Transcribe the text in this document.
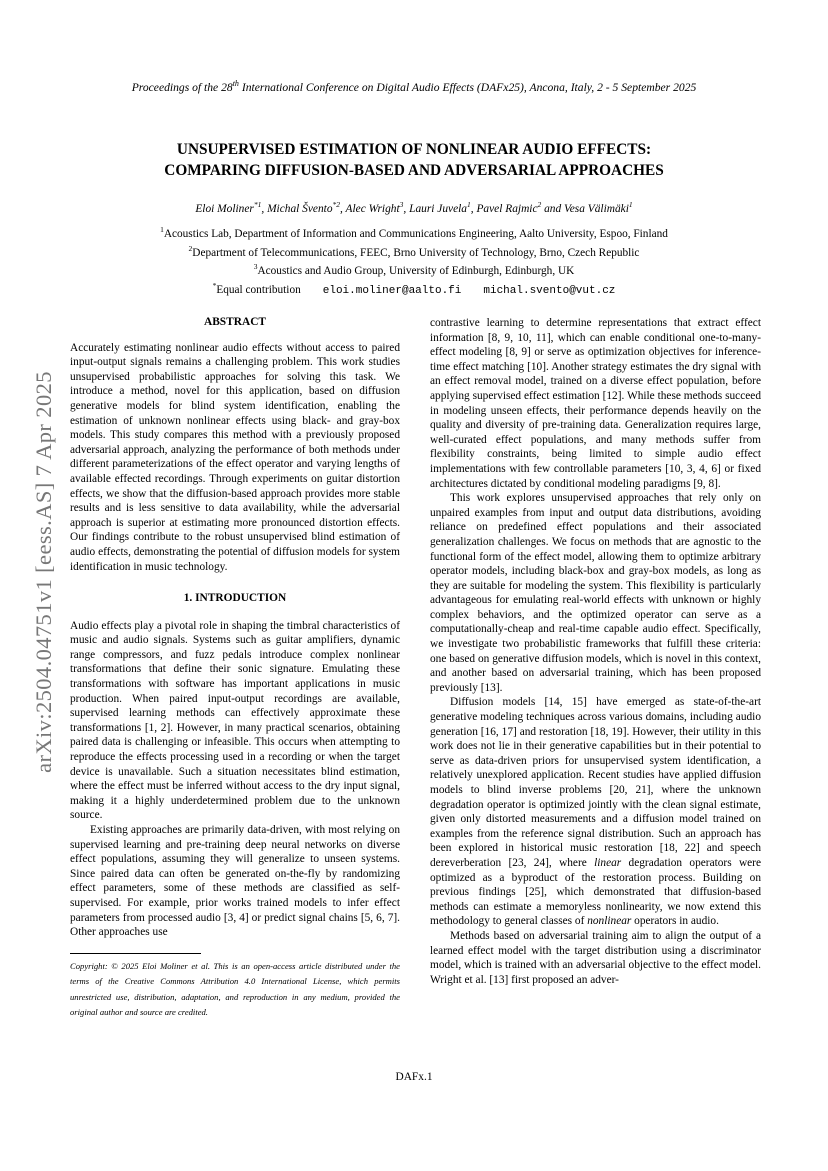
Proceedings of the 28th International Conference on Digital Audio Effects (DAFx25), Ancona, Italy, 2 - 5 September 2025
arXiv:2504.04751v1 [eess.AS] 7 Apr 2025
UNSUPERVISED ESTIMATION OF NONLINEAR AUDIO EFFECTS:
COMPARING DIFFUSION-BASED AND ADVERSARIAL APPROACHES
Eloi Moliner$^{*1}$, Michal Švento$^{*2}$, Alec Wright$^3$, Lauri Juvela$^1$, Pavel Rajmic$^2$ and Vesa Välimäki$^1$
$^1$Acoustics Lab, Department of Information and Communications Engineering, Aalto University, Espoo, Finland
$^2$Department of Telecommunications, FEEC, Brno University of Technology, Brno, Czech Republic
$^3$Acoustics and Audio Group, University of Edinburgh, Edinburgh, UK
*Equal contribution eloi.moliner@aalto.fi michal.svento@vut.cz
ABSTRACT

Accurately estimating nonlinear audio effects without access to paired input-output signals remains a challenging problem. This work studies unsupervised probabilistic approaches for solving this task. We introduce a method, novel for this application, based on diffusion generative models for blind system identification, enabling the estimation of unknown nonlinear effects using black- and gray-box models. This study compares this method with a previously proposed adversarial approach, analyzing the performance of both methods under different parameterizations of the effect operator and varying lengths of available effected recordings. Through experiments on guitar distortion effects, we show that the diffusion-based approach provides more stable results and is less sensitive to data availability, while the adversarial approach is superior at estimating more pronounced distortion effects. Our findings contribute to the robust unsupervised blind estimation of audio effects, demonstrating the potential of diffusion models for system identification in music technology.

1. INTRODUCTION

Audio effects play a pivotal role in shaping the timbral characteristics of music and audio signals. Systems such as guitar amplifiers, dynamic range compressors, and fuzz pedals introduce complex nonlinear transformations that define their sonic signature. Emulating these transformations with software has important applications in music production. When paired input-output recordings are available, supervised learning methods can effectively approximate these transformations [1, 2]. However, in many practical scenarios, obtaining paired data is challenging or infeasible. This occurs when attempting to reproduce the effects processing used in a recording or when the target device is unavailable. Such a situation necessitates blind estimation, where the effect must be inferred without access to the dry input signal, making it a highly underdetermined problem due to the unknown source.

Existing approaches are primarily data-driven, with most relying on supervised learning and pre-training deep neural networks on diverse effect populations, assuming they will generalize to unseen systems. Since paired data can often be generated on-the-fly by randomizing effect parameters, some of these methods are classified as self-supervised. For example, prior works trained models to infer effect parameters from processed audio [3, 4] or predict signal chains [5, 6, 7]. Other approaches use

Copyright: © 2025 Eloi Moliner et al. This is an open-access article distributed under the terms of the Creative Commons Attribution 4.0 International License, which permits unrestricted use, distribution, adaptation, and reproduction in any medium, provided the original author and source are credited.

contrastive learning to determine representations that extract effect information [8, 9, 10, 11], which can enable conditional one-to-many-effect modeling [8, 9] or serve as optimization objectives for inference-time effect matching [10]. Another strategy estimates the dry signal with an effect removal model, trained on a diverse effect population, before applying supervised effect estimation [12]. While these methods succeed in modeling unseen effects, their performance depends heavily on the quality and diversity of pre-training data. Generalization requires large, well-curated effect populations, and many methods suffer from flexibility constraints, being limited to simple audio effect implementations with few controllable parameters [10, 3, 4, 6] or fixed architectures dictated by conditional modeling paradigms [9, 8].

This work explores unsupervised approaches that rely only on unpaired examples from input and output data distributions, avoiding reliance on predefined effect populations and their associated generalization challenges. We focus on methods that are agnostic to the functional form of the effect model, allowing them to optimize arbitrary operator models, including black-box and gray-box models, as long as they are suitable for modeling the system. This flexibility is particularly advantageous for emulating real-world effects with unknown or highly complex behaviors, and the optimized operator can serve as a computationally-cheap and real-time capable audio effect. Specifically, we investigate two probabilistic frameworks that fulfill these criteria: one based on generative diffusion models, which is novel in this context, and another based on adversarial training, which has been proposed previously [13].

Diffusion models [14, 15] have emerged as state-of-the-art generative modeling techniques across various domains, including audio generation [16, 17] and restoration [18, 19]. However, their utility in this work does not lie in their generative capabilities but in their potential to serve as data-driven priors for unsupervised system identification, a relatively unexplored application. Recent studies have applied diffusion models to blind inverse problems [20, 21], where the unknown degradation operator is optimized jointly with the clean signal estimate, given only distorted measurements and a diffusion model trained on examples from the reference signal distribution. Such an approach has been explored in historical music restoration [18, 22] and speech dereverberation [23, 24], where linear degradation operators were optimized as a byproduct of the restoration process. Building on previous findings [25], which demonstrated that diffusion-based methods can estimate a memoryless nonlinearity, we now extend this methodology to general classes of nonlinear operators in audio.

Methods based on adversarial training aim to align the output of a learned effect model with the target distribution using a discriminator model, which is trained with an adversarial objective to the effect model. Wright et al. [13] first proposed an adver-

DAFx.1
